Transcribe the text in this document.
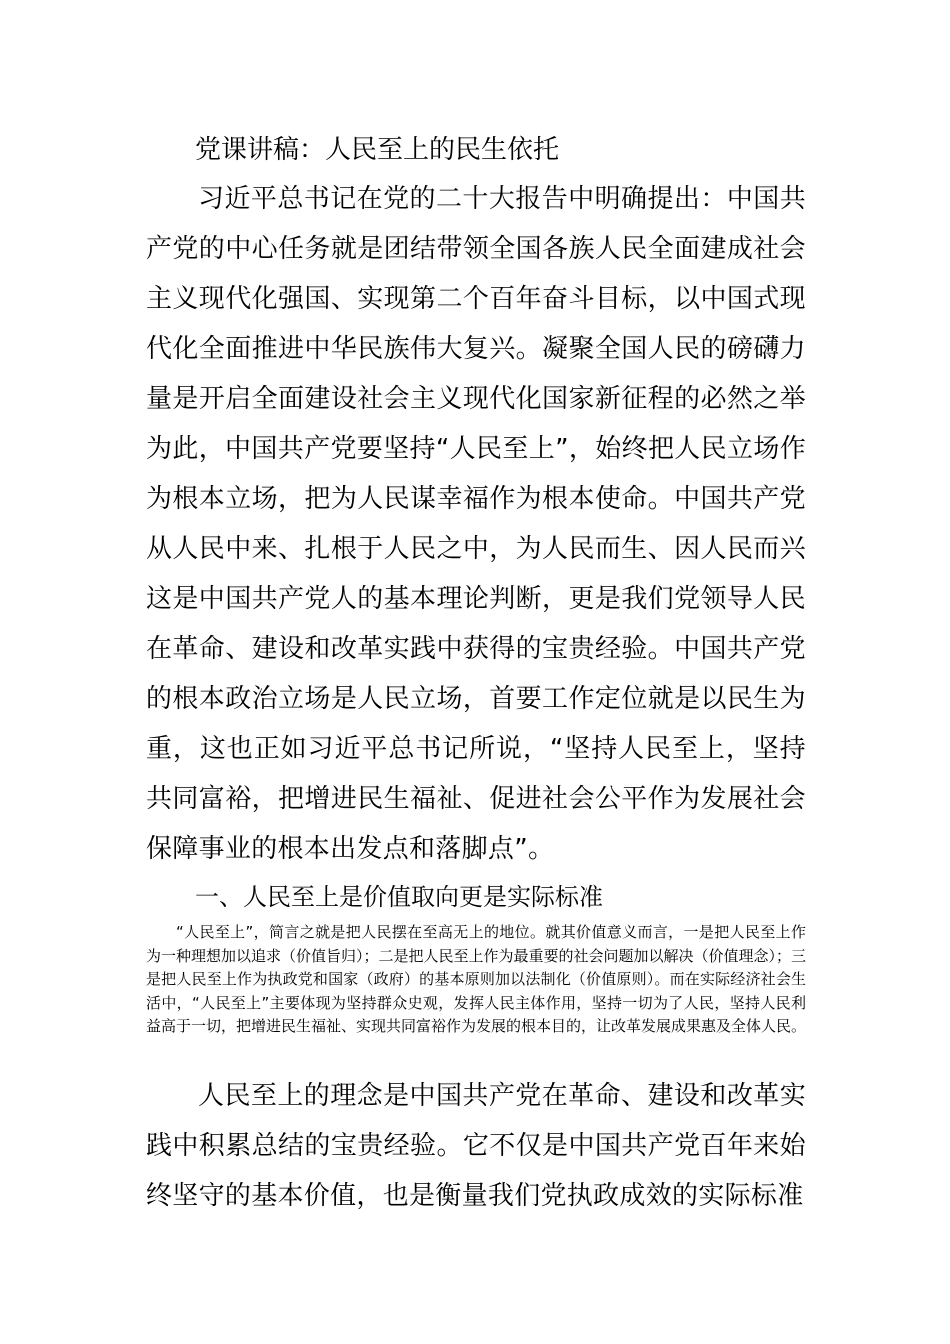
党课讲稿：人民至上的民生依托
习近平总书记在党的二十大报告中明确提出：中国共产党的中心任务就是团结带领全国各族人民全面建成社会主义现代化强国、实现第二个百年奋斗目标，以中国式现代化全面推进中华民族伟大复兴。凝聚全国人民的磅礴力量是开启全面建设社会主义现代化国家新征程的必然之举为此，中国共产党要坚持“人民至上”，始终把人民立场作为根本立场，把为人民谋幸福作为根本使命。中国共产党从人民中来、扎根于人民之中，为人民而生、因人民而兴这是中国共产党人的基本理论判断，更是我们党领导人民在革命、建设和改革实践中获得的宝贵经验。中国共产党的根本政治立场是人民立场，首要工作定位就是以民生为重，这也正如习近平总书记所说，“坚持人民至上，坚持共同富裕，把增进民生福祉、促进社会公平作为发展社会保障事业的根本出发点和落脚点”。
一、人民至上是价值取向更是实际标准
“人民至上”，简言之就是把人民摆在至高无上的地位。就其价值意义而言，一是把人民至上作为一种理想加以追求（价值旨归）；二是把人民至上作为最重要的社会问题加以解决（价值理念）；三是把人民至上作为执政党和国家（政府）的基本原则加以法制化（价值原则）。而在实际经济社会生活中，“人民至上”主要体现为坚持群众史观，发挥人民主体作用，坚持一切为了人民，坚持人民利益高于一切，把增进民生福祉、实现共同富裕作为发展的根本目的，让改革发展成果惠及全体人民。
人民至上的理念是中国共产党在革命、建设和改革实践中积累总结的宝贵经验。它不仅是中国共产党百年来始终坚守的基本价值，也是衡量我们党执政成效的实际标准
